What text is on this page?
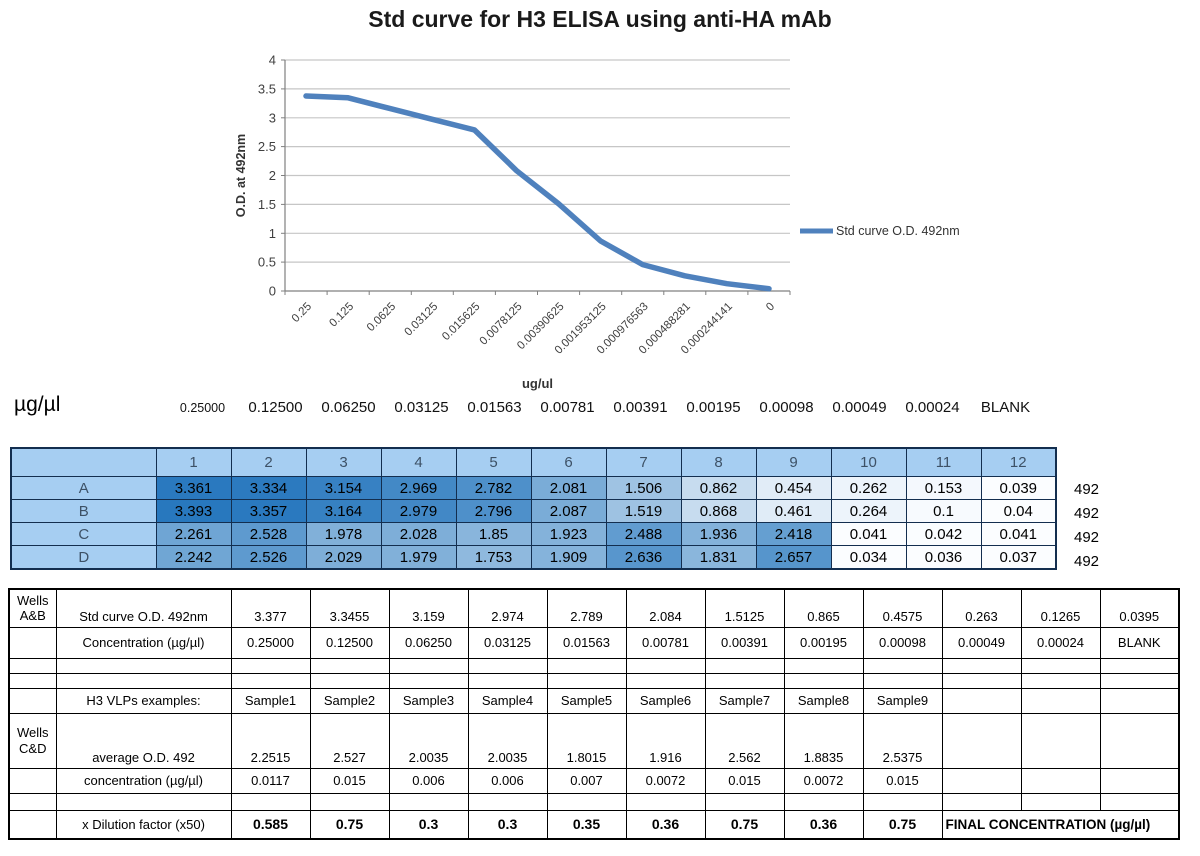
Std curve for H3 ELISA using anti-HA mAb
0
0.5
1
1.5
2
2.5
3
3.5
4
0.25 0.125 0.0625 0.03125 0.015625
0.0078125
0.00390625
0.001953125
0.000976563
0.000488281
0.000244141	0
O.D. at 492nm
ug/ul
Std curve O.D. 492nm
µg/µl	0.25000	0.12500	0.06250	0.03125	0.01563	0.00781	0.00391	0.00195	0.00098	0.00049	0.00024	BLANK
	1	2	3	4	5	6	7	8	9	10	11	12
A	3.361	3.334	3.154	2.969	2.782	2.081	1.506	0.862	0.454	0.262	0.153	0.039
B	3.393	3.357	3.164	2.979	2.796	2.087	1.519	0.868	0.461	0.264	0.1	0.04
C	2.261	2.528	1.978	2.028	1.85	1.923	2.488	1.936	2.418	0.041	0.042	0.041
D	2.242	2.526	2.029	1.979	1.753	1.909	2.636	1.831	2.657	0.034	0.036	0.037
492
492
492
492
Wells
A&B	Std curve O.D. 492nm	3.377	3.3455	3.159	2.974	2.789	2.084	1.5125	0.865	0.4575	0.263	0.1265	0.0395
	Concentration (µg/µl)	0.25000	0.12500	0.06250	0.03125	0.01563	0.00781	0.00391	0.00195	0.00098	0.00049	0.00024	BLANK

	H3 VLPs examples:	Sample1	Sample2	Sample3	Sample4	Sample5	Sample6	Sample7	Sample8	Sample9			
Wells
C&D	average O.D. 492	2.2515	2.527	2.0035	2.0035	1.8015	1.916	2.562	1.8835	2.5375			
	concentration (µg/µl)	0.0117	0.015	0.006	0.006	0.007	0.0072	0.015	0.0072	0.015			

	x Dilution factor (x50)	0.585	0.75	0.3	0.3	0.35	0.36	0.75	0.36	0.75	FINAL CONCENTRATION (µg/µl)		
